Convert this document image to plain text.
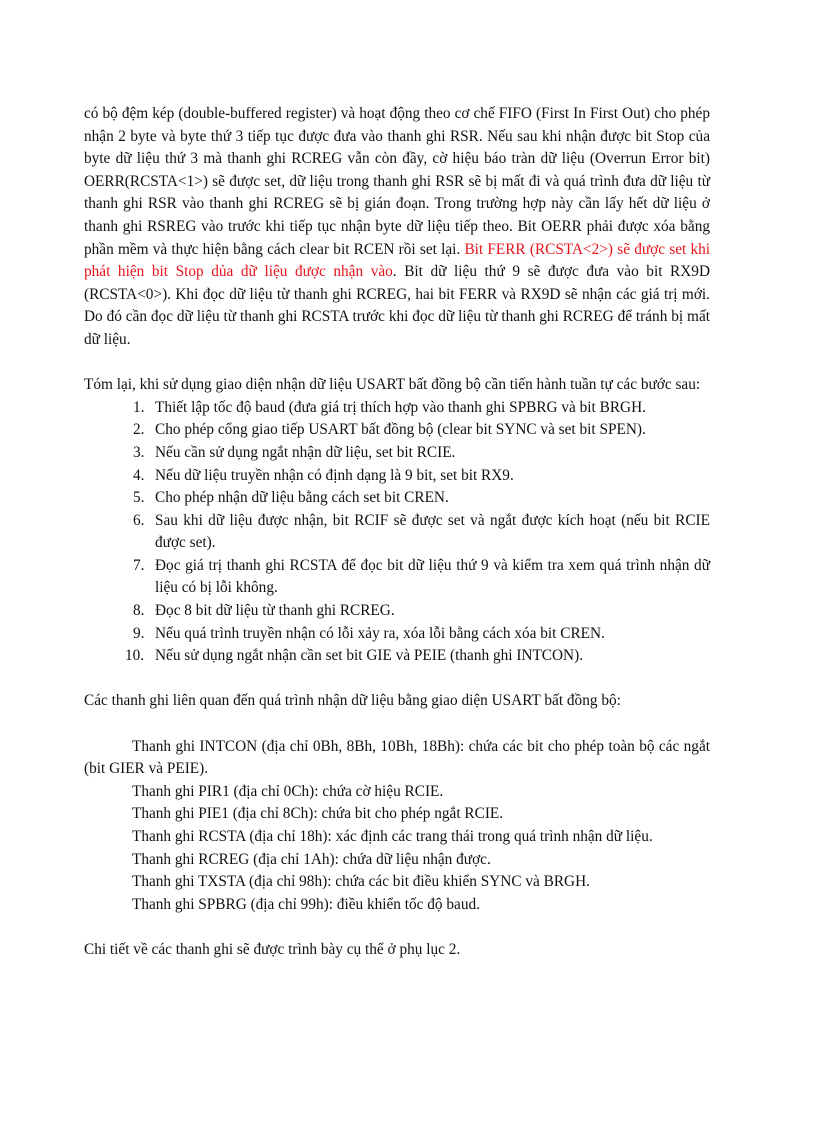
có bộ đệm kép (double-buffered register) và hoạt động theo cơ chế FIFO (First In First Out) cho phép nhận 2 byte và byte thứ 3 tiếp tục được đưa vào thanh ghi RSR. Nếu sau khi nhận được bit Stop của byte dữ liệu thứ 3 mà thanh ghi RCREG vẫn còn đầy, cờ hiệu báo tràn dữ liệu (Overrun Error bit) OERR(RCSTA<1>) sẽ được set, dữ liệu trong thanh ghi RSR sẽ bị mất đi và quá trình đưa dữ liệu từ thanh ghi RSR vào thanh ghi RCREG sẽ bị gián đoạn. Trong trường hợp này cần lấy hết dữ liệu ở thanh ghi RSREG vào trước khi tiếp tục nhận byte dữ liệu tiếp theo. Bit OERR phải được xóa bằng phần mềm và thực hiện bằng cách clear bit RCEN rồi set lại. Bit FERR (RCSTA<2>) sẽ được set khi phát hiện bit Stop dủa dữ liệu được nhận vào. Bit dữ liệu thứ 9 sẽ được đưa vào bit RX9D (RCSTA<0>). Khi đọc dữ liệu từ thanh ghi RCREG, hai bit FERR và RX9D sẽ nhận các giá trị mới. Do đó cần đọc dữ liệu từ thanh ghi RCSTA trước khi đọc dữ liệu từ thanh ghi RCREG để tránh bị mất dữ liệu.

Tóm lại, khi sử dụng giao diện nhận dữ liệu USART bất đồng bộ cần tiến hành tuần tự các bước sau:

1. Thiết lập tốc độ baud (đưa giá trị thích hợp vào thanh ghi SPBRG và bit BRGH.
2. Cho phép cổng giao tiếp USART bất đồng bộ (clear bit SYNC và set bit SPEN).
3. Nếu cần sử dụng ngắt nhận dữ liệu, set bit RCIE.
4. Nếu dữ liệu truyền nhận có định dạng là 9 bit, set bit RX9.
5. Cho phép nhận dữ liệu bằng cách set bit CREN.
6. Sau khi dữ liệu được nhận, bit RCIF sẽ được set và ngắt được kích hoạt (nếu bit RCIE được set).
7. Đọc giá trị thanh ghi RCSTA để đọc bit dữ liệu thứ 9 và kiểm tra xem quá trình nhận dữ liệu có bị lỗi không.
8. Đọc 8 bit dữ liệu từ thanh ghi RCREG.
9. Nếu quá trình truyền nhận có lỗi xảy ra, xóa lỗi bằng cách xóa bit CREN.
10. Nếu sử dụng ngắt nhận cần set bit GIE và PEIE (thanh ghi INTCON).

Các thanh ghi liên quan đến quá trình nhận dữ liệu bằng giao diện USART bất đồng bộ:

Thanh ghi INTCON (địa chỉ 0Bh, 8Bh, 10Bh, 18Bh): chứa các bit cho phép toàn bộ các ngắt (bit GIER và PEIE).

Thanh ghi PIR1 (địa chỉ 0Ch): chứa cờ hiệu RCIE.

Thanh ghi PIE1 (địa chỉ 8Ch): chứa bit cho phép ngắt RCIE.

Thanh ghi RCSTA (địa chỉ 18h): xác định các trang thái trong quá trình nhận dữ liệu.

Thanh ghi RCREG (địa chỉ 1Ah): chứa dữ liệu nhận được.

Thanh ghi TXSTA (địa chỉ 98h): chứa các bit điều khiển SYNC và BRGH.

Thanh ghi SPBRG (địa chỉ 99h): điều khiển tốc độ baud.

Chi tiết về các thanh ghi sẽ được trình bày cụ thể ở phụ lục 2.
